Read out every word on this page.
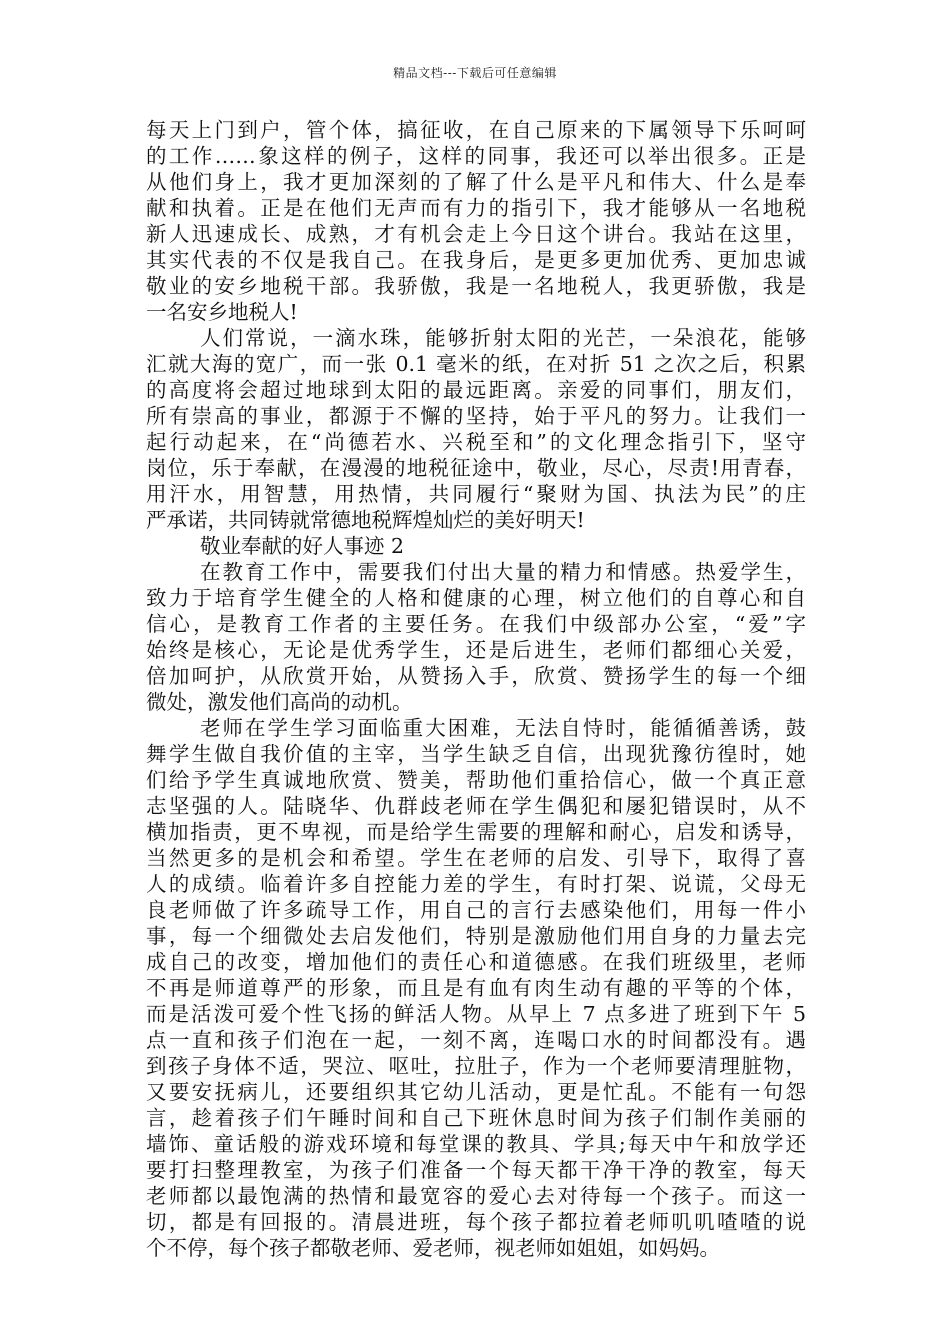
精品文档---下载后可任意编辑
每天上门到户，管个体，搞征收，在自己原来的下属领导下乐呵呵
的工作……象这样的例子，这样的同事，我还可以举出很多。正是
从他们身上，我才更加深刻的了解了什么是平凡和伟大、什么是奉
献和执着。正是在他们无声而有力的指引下，我才能够从一名地税
新人迅速成长、成熟，才有机会走上今日这个讲台。我站在这里，
其实代表的不仅是我自己。在我身后，是更多更加优秀、更加忠诚
敬业的安乡地税干部。我骄傲，我是一名地税人，我更骄傲，我是
一名安乡地税人!
人们常说，一滴水珠，能够折射太阳的光芒，一朵浪花，能够
汇就大海的宽广，而一张 0.1 毫米的纸，在对折 51 之次之后，积累
的高度将会超过地球到太阳的最远距离。亲爱的同事们，朋友们，
所有崇高的事业，都源于不懈的坚持，始于平凡的努力。让我们一
起行动起来，在“尚德若水、兴税至和”的文化理念指引下，坚守
岗位，乐于奉献，在漫漫的地税征途中，敬业，尽心，尽责!用青春，
用汗水，用智慧，用热情，共同履行“聚财为国、执法为民”的庄
严承诺，共同铸就常德地税辉煌灿烂的美好明天!
敬业奉献的好人事迹 2
在教育工作中，需要我们付出大量的精力和情感。热爱学生，
致力于培育学生健全的人格和健康的心理，树立他们的自尊心和自
信心，是教育工作者的主要任务。在我们中级部办公室，“爱”字
始终是核心，无论是优秀学生，还是后进生，老师们都细心关爱，
倍加呵护，从欣赏开始，从赞扬入手，欣赏、赞扬学生的每一个细
微处，激发他们高尚的动机。
老师在学生学习面临重大困难，无法自恃时，能循循善诱，鼓
舞学生做自我价值的主宰，当学生缺乏自信，出现犹豫彷徨时，她
们给予学生真诚地欣赏、赞美，帮助他们重拾信心，做一个真正意
志坚强的人。陆晓华、仇群歧老师在学生偶犯和屡犯错误时，从不
横加指责，更不卑视，而是给学生需要的理解和耐心，启发和诱导，
当然更多的是机会和希望。学生在老师的启发、引导下，取得了喜
人的成绩。临着许多自控能力差的学生，有时打架、说谎，父母无
良老师做了许多疏导工作，用自己的言行去感染他们，用每一件小
事，每一个细微处去启发他们，特别是激励他们用自身的力量去完
成自己的改变，增加他们的责任心和道德感。在我们班级里，老师
不再是师道尊严的形象，而且是有血有肉生动有趣的平等的个体，
而是活泼可爱个性飞扬的鲜活人物。从早上 7 点多进了班到下午 5
点一直和孩子们泡在一起，一刻不离，连喝口水的时间都没有。遇
到孩子身体不适，哭泣、呕吐，拉肚子，作为一个老师要清理脏物，
又要安抚病儿，还要组织其它幼儿活动，更是忙乱。不能有一句怨
言，趁着孩子们午睡时间和自己下班休息时间为孩子们制作美丽的
墙饰、童话般的游戏环境和每堂课的教具、学具;每天中午和放学还
要打扫整理教室，为孩子们准备一个每天都干净干净的教室，每天
老师都以最饱满的热情和最宽容的爱心去对待每一个孩子。而这一
切，都是有回报的。清晨进班，每个孩子都拉着老师叽叽喳喳的说
个不停，每个孩子都敬老师、爱老师，视老师如姐姐，如妈妈。
